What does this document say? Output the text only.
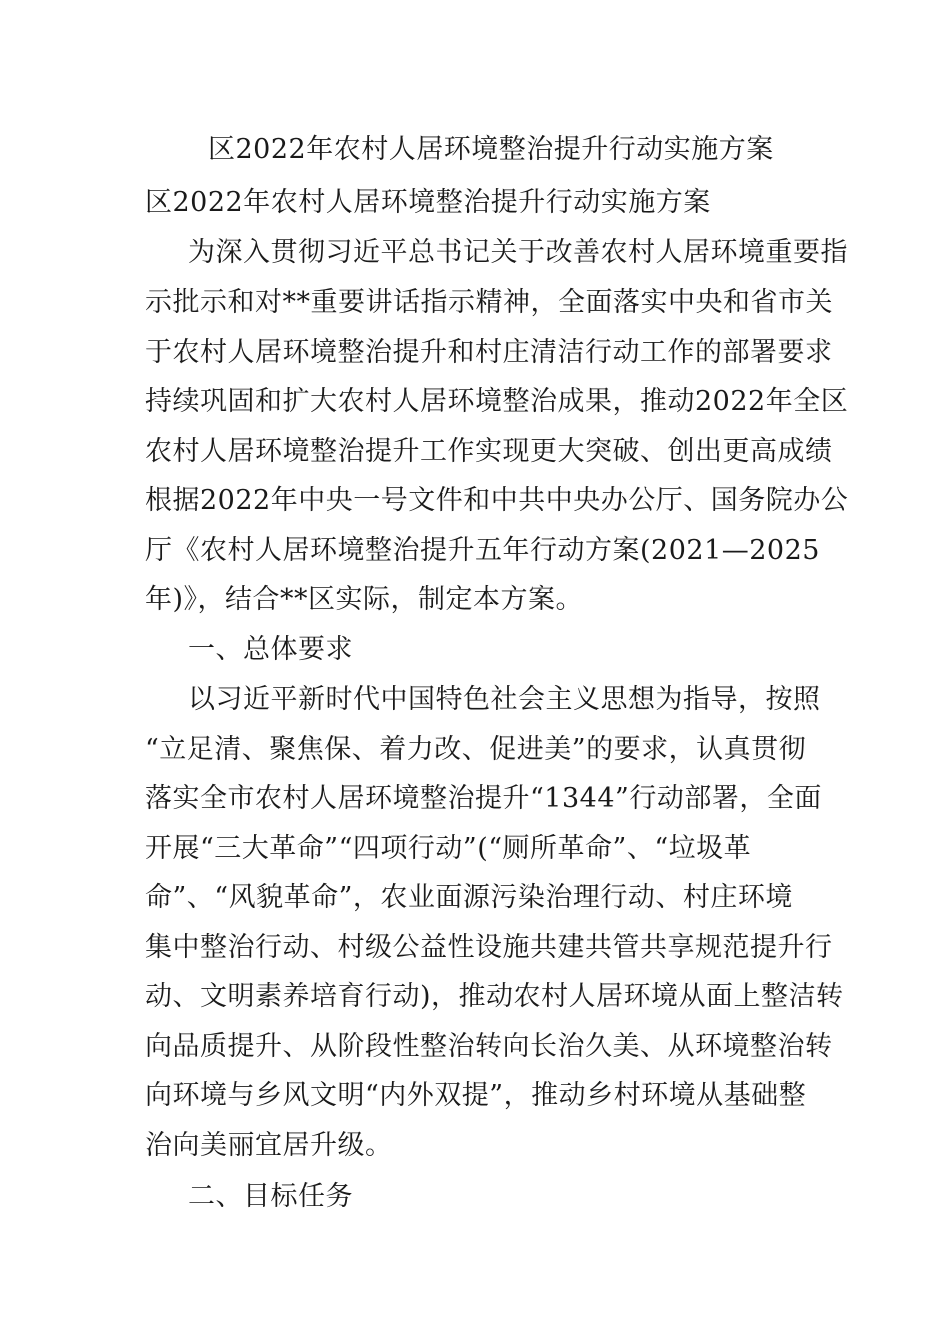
区2022年农村人居环境整治提升行动实施方案
区2022年农村人居环境整治提升行动实施方案
为深入贯彻习近平总书记关于改善农村人居环境重要指
示批示和对**重要讲话指示精神，全面落实中央和省市关
于农村人居环境整治提升和村庄清洁行动工作的部署要求
持续巩固和扩大农村人居环境整治成果，推动2022年全区
农村人居环境整治提升工作实现更大突破、创出更高成绩
根据2022年中央一号文件和中共中央办公厅、国务院办公
厅《农村人居环境整治提升五年行动方案(2021—2025
年)》，结合**区实际，制定本方案。
一、总体要求
以习近平新时代中国特色社会主义思想为指导，按照
“立足清、聚焦保、着力改、促进美”的要求，认真贯彻
落实全市农村人居环境整治提升“1344”行动部署，全面
开展“三大革命”“四项行动”(“厕所革命”、“垃圾革
命”、“风貌革命”，农业面源污染治理行动、村庄环境
集中整治行动、村级公益性设施共建共管共享规范提升行
动、文明素养培育行动)，推动农村人居环境从面上整洁转
向品质提升、从阶段性整治转向长治久美、从环境整治转
向环境与乡风文明“内外双提”，推动乡村环境从基础整
治向美丽宜居升级。
二、目标任务
